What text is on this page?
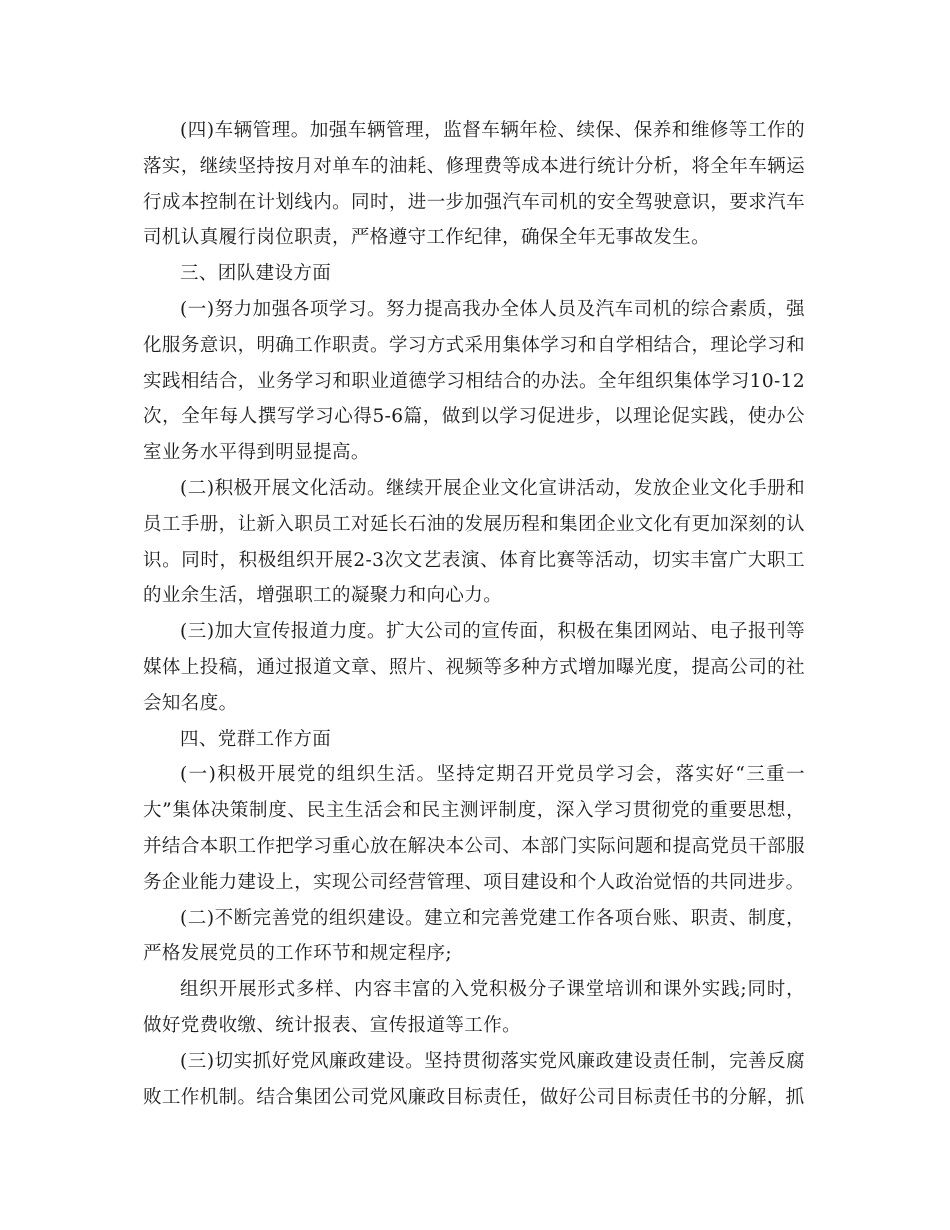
(四)车辆管理。加强车辆管理，监督车辆年检、续保、保养和维修等工作的落实，继续坚持按月对单车的油耗、修理费等成本进行统计分析，将全年车辆运行成本控制在计划线内。同时，进一步加强汽车司机的安全驾驶意识，要求汽车司机认真履行岗位职责，严格遵守工作纪律，确保全年无事故发生。

三、团队建设方面

(一)努力加强各项学习。努力提高我办全体人员及汽车司机的综合素质，强化服务意识，明确工作职责。学习方式采用集体学习和自学相结合，理论学习和实践相结合，业务学习和职业道德学习相结合的办法。全年组织集体学习10-12次，全年每人撰写学习心得5-6篇，做到以学习促进步，以理论促实践，使办公室业务水平得到明显提高。

(二)积极开展文化活动。继续开展企业文化宣讲活动，发放企业文化手册和员工手册，让新入职员工对延长石油的发展历程和集团企业文化有更加深刻的认识。同时，积极组织开展2-3次文艺表演、体育比赛等活动，切实丰富广大职工的业余生活，增强职工的凝聚力和向心力。

(三)加大宣传报道力度。扩大公司的宣传面，积极在集团网站、电子报刊等媒体上投稿，通过报道文章、照片、视频等多种方式增加曝光度，提高公司的社会知名度。

四、党群工作方面

(一)积极开展党的组织生活。坚持定期召开党员学习会，落实好“三重一大”集体决策制度、民主生活会和民主测评制度，深入学习贯彻党的重要思想，并结合本职工作把学习重心放在解决本公司、本部门实际问题和提高党员干部服务企业能力建设上，实现公司经营管理、项目建设和个人政治觉悟的共同进步。

(二)不断完善党的组织建设。建立和完善党建工作各项台账、职责、制度，严格发展党员的工作环节和规定程序;

组织开展形式多样、内容丰富的入党积极分子课堂培训和课外实践;同时，做好党费收缴、统计报表、宣传报道等工作。

(三)切实抓好党风廉政建设。坚持贯彻落实党风廉政建设责任制，完善反腐败工作机制。结合集团公司党风廉政目标责任，做好公司目标责任书的分解，抓
